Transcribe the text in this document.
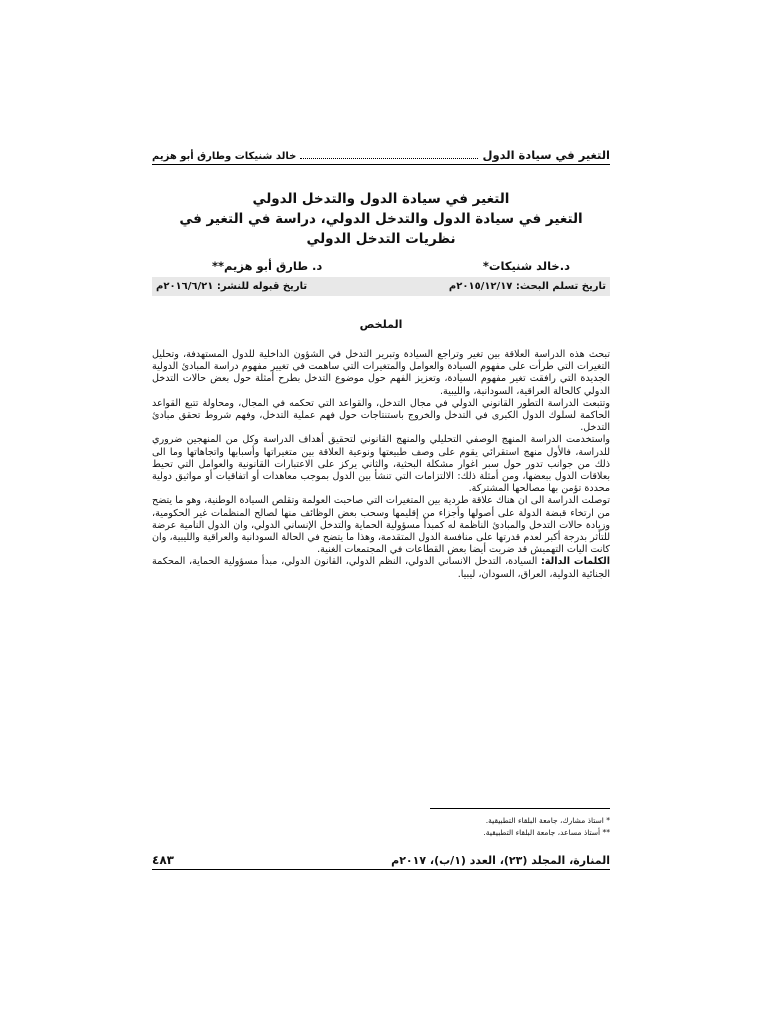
التغير في سيادة الدول
خالد شنيكات وطارق أبو هزيم
التغير في سيادة الدول والتدخل الدولي
التغير في سيادة الدول والتدخل الدولي، دراسة في التغير في نظريات التدخل الدولي
د.خالد شنيكات*
د. طارق أبو هزيم**
تاريخ تسلم البحث: ٢٠١٥/١٢/١٧م
تاريخ قبوله للنشر: ٢٠١٦/٦/٢١م
الملخص

تبحث هذه الدراسة العلاقة بين تغير وتراجع السيادة وتبرير التدخل في الشؤون الداخلية للدول المستهدفة، وتحليل التغيرات التي طرأت على مفهوم السيادة والعوامل والمتغيرات التي ساهمت في تغيير مفهوم دراسة المبادئ الدولية الجديدة التي رافقت تغير مفهوم السيادة، وتعزيز الفهم حول موضوع التدخل بطرح أمثلة حول بعض حالات التدخل الدولي كالحالة العراقية، السودانية، والليبية.

وتتبعت الدراسة التطور القانوني الدولي في مجال التدخل، والقواعد التي تحكمه في المجال، ومحاولة تتبع القواعد الحاكمة لسلوك الدول الكبرى في التدخل والخروج باستنتاجات حول فهم عملية التدخل، وفهم شروط تحقق مبادئ التدخل.

واستخدمت الدراسة المنهج الوصفي التحليلي والمنهج القانوني لتحقيق أهداف الدراسة وكل من المنهجين ضروري للدراسة، فالأول منهج استقرائي يقوم على وصف طبيعتها ونوعية العلاقة بين متغيراتها وأسبابها واتجاهاتها وما الى ذلك من جوانب تدور حول سبر اغوار مشكلة البحثية، والثاني يركز على الاعتبارات القانونية والعوامل التي تحيط بعلاقات الدول ببعضها، ومن أمثلة ذلك: الالتزامات التي تنشأ بين الدول بموجب معاهدات أو اتفاقيات أو مواثيق دولية محددة تؤمن بها مصالحها المشتركة.

توصلت الدراسة الى ان هناك علاقة طردية بين المتغيرات التي صاحبت العولمة وتقلص السيادة الوطنية، وهو ما يتضح من ارتخاء قبضة الدولة على أصولها وأجزاء من إقليمها وسحب بعض الوظائف منها لصالح المنظمات غير الحكومية، وزيادة حالات التدخل والمبادئ الناظمة له كمبدأ مسؤولية الحماية والتدخل الإنساني الدولي، وان الدول النامية عرضة للتأثر بدرجة أكبر لعدم قدرتها على منافسة الدول المتقدمة، وهذا ما يتضح في الحالة السودانية والعراقية والليبية، وان كانت اليات التهميش قد ضربت أيضا بعض القطاعات في المجتمعات الغنية.

الكلمات الدالة: السيادة، التدخل الانساني الدولي، النظم الدولي، القانون الدولي، مبدأ مسؤولية الحماية، المحكمة الجنائية الدولية، العراق، السودان، ليبيا.

* استاذ مشارك، جامعة البلقاء التطبيقية.
** أستاذ مساعد، جامعة البلقاء التطبيقية.
المنارة، المجلد (٢٣)، العدد (١/ب)، ٢٠١٧م
٤٨٣
